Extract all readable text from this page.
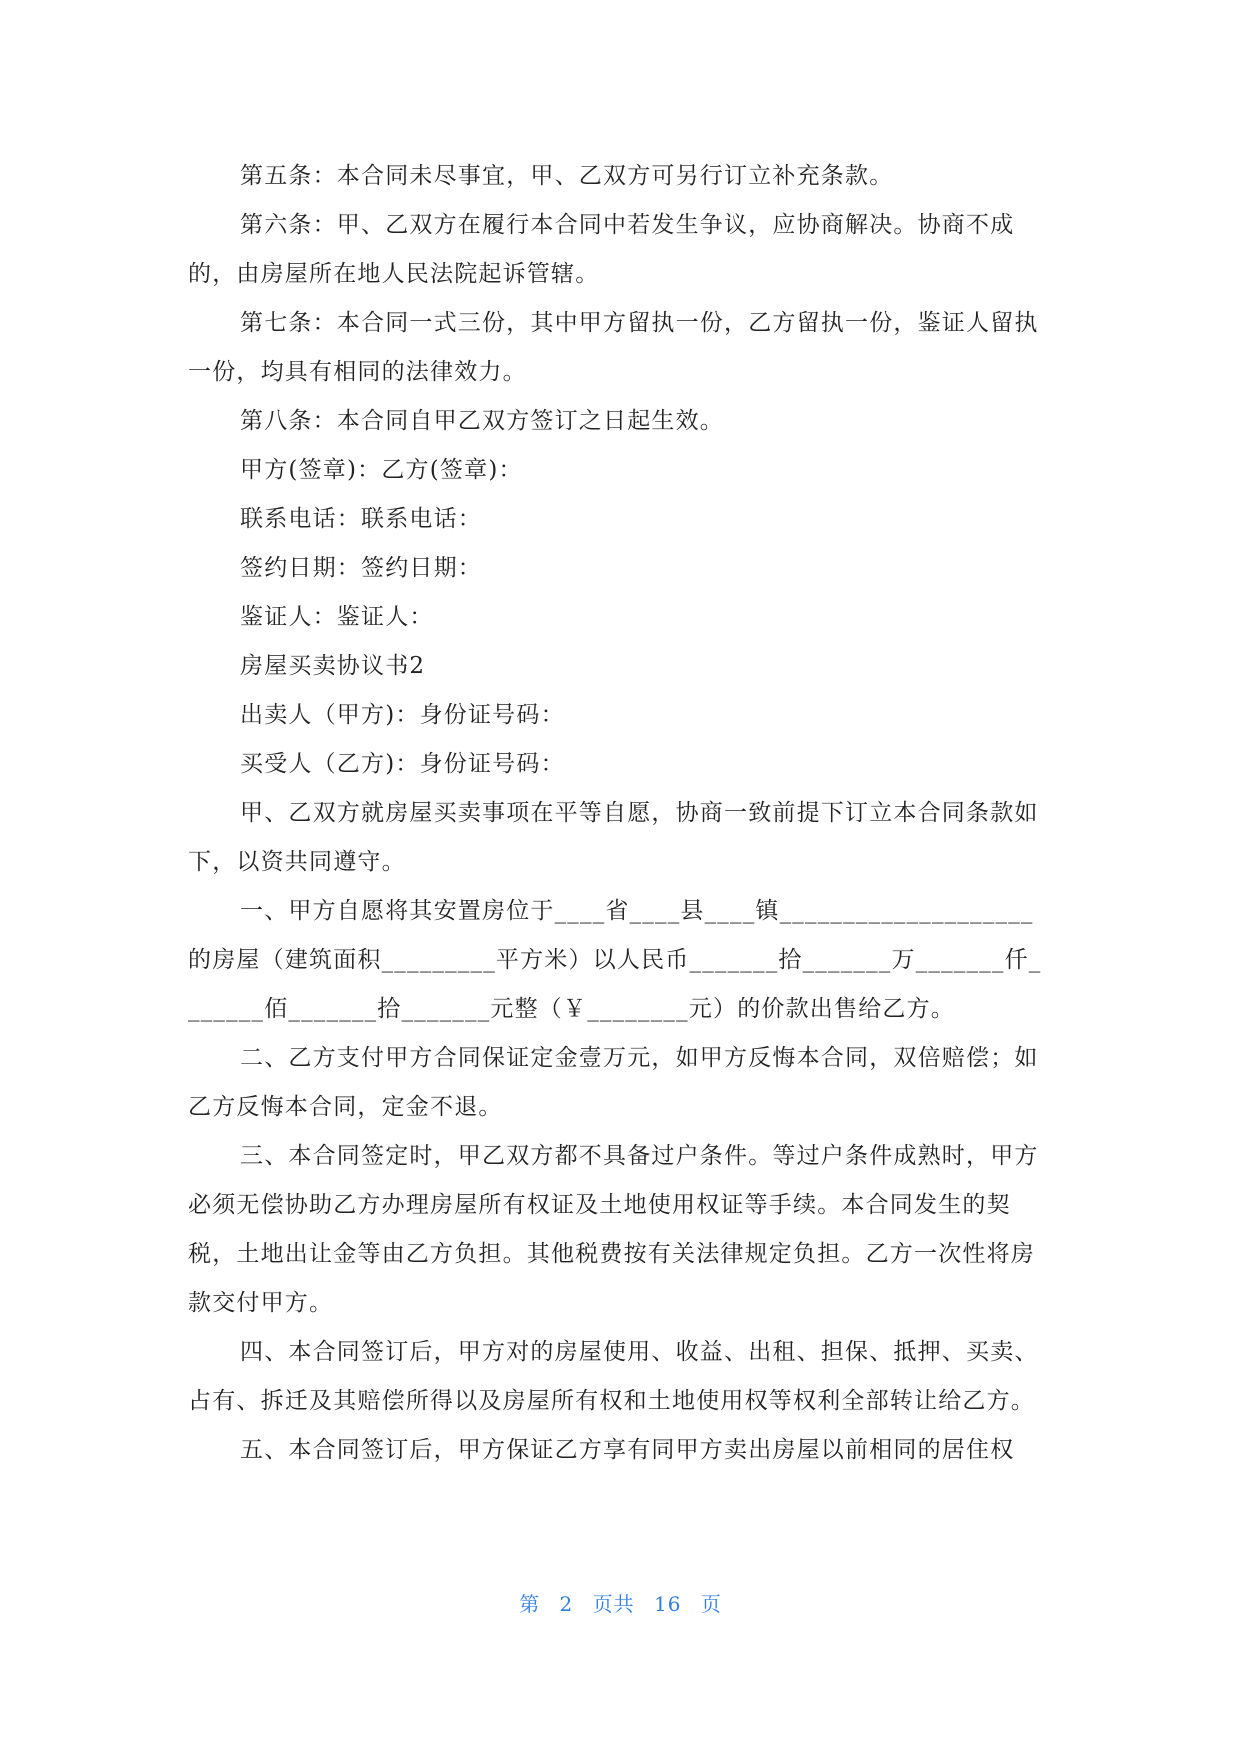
第五条：本合同未尽事宜，甲、乙双方可另行订立补充条款。

第六条：甲、乙双方在履行本合同中若发生争议，应协商解决。协商不成的，由房屋所在地人民法院起诉管辖。

第七条：本合同一式三份，其中甲方留执一份，乙方留执一份，鉴证人留执一份，均具有相同的法律效力。

第八条：本合同自甲乙双方签订之日起生效。

甲方(签章)：乙方(签章)：

联系电话：联系电话：

签约日期：签约日期：

鉴证人：鉴证人：

房屋买卖协议书2

出卖人（甲方)：身份证号码：

买受人（乙方)：身份证号码：

甲、乙双方就房屋买卖事项在平等自愿，协商一致前提下订立本合同条款如下，以资共同遵守。

一、甲方自愿将其安置房位于____省____县____镇____________________的房屋（建筑面积_________平方米）以人民币_______拾_______万_______仟_______佰_______拾_______元整（￥________元）的价款出售给乙方。

二、乙方支付甲方合同保证定金壹万元，如甲方反悔本合同，双倍赔偿；如乙方反悔本合同，定金不退。

三、本合同签定时，甲乙双方都不具备过户条件。等过户条件成熟时，甲方必须无偿协助乙方办理房屋所有权证及土地使用权证等手续。本合同发生的契税，土地出让金等由乙方负担。其他税费按有关法律规定负担。乙方一次性将房款交付甲方。

四、本合同签订后，甲方对的房屋使用、收益、出租、担保、抵押、买卖、占有、拆迁及其赔偿所得以及房屋所有权和土地使用权等权利全部转让给乙方。

五、本合同签订后，甲方保证乙方享有同甲方卖出房屋以前相同的居住权

第 2 页共 16 页
